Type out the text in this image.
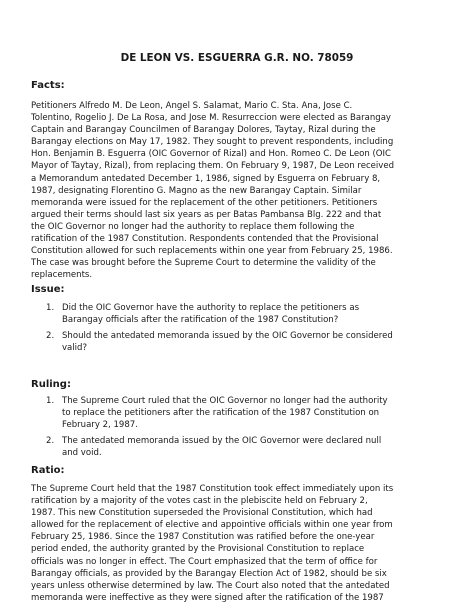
DE LEON VS. ESGUERRA G.R. NO. 78059
Facts:

Petitioners Alfredo M. De Leon, Angel S. Salamat, Mario C. Sta. Ana, Jose C.
Tolentino, Rogelio J. De La Rosa, and Jose M. Resurreccion were elected as Barangay
Captain and Barangay Councilmen of Barangay Dolores, Taytay, Rizal during the
Barangay elections on May 17, 1982. They sought to prevent respondents, including
Hon. Benjamin B. Esguerra (OIC Governor of Rizal) and Hon. Romeo C. De Leon (OIC
Mayor of Taytay, Rizal), from replacing them. On February 9, 1987, De Leon received
a Memorandum antedated December 1, 1986, signed by Esguerra on February 8,
1987, designating Florentino G. Magno as the new Barangay Captain. Similar
memoranda were issued for the replacement of the other petitioners. Petitioners
argued their terms should last six years as per Batas Pambansa Blg. 222 and that
the OIC Governor no longer had the authority to replace them following the
ratification of the 1987 Constitution. Respondents contended that the Provisional
Constitution allowed for such replacements within one year from February 25, 1986.
The case was brought before the Supreme Court to determine the validity of the
replacements.

Issue:
1. Did the OIC Governor have the authority to replace the petitioners as
Barangay officials after the ratification of the 1987 Constitution?
2. Should the antedated memoranda issued by the OIC Governor be considered
valid?
Ruling:
1. The Supreme Court ruled that the OIC Governor no longer had the authority
to replace the petitioners after the ratification of the 1987 Constitution on
February 2, 1987.
2. The antedated memoranda issued by the OIC Governor were declared null
and void.
Ratio:

The Supreme Court held that the 1987 Constitution took effect immediately upon its
ratification by a majority of the votes cast in the plebiscite held on February 2,
1987. This new Constitution superseded the Provisional Constitution, which had
allowed for the replacement of elective and appointive officials within one year from
February 25, 1986. Since the 1987 Constitution was ratified before the one-year
period ended, the authority granted by the Provisional Constitution to replace
officials was no longer in effect. The Court emphasized that the term of office for
Barangay officials, as provided by the Barangay Election Act of 1982, should be six
years unless otherwise determined by law. The Court also noted that the antedated
memoranda were ineffective as they were signed after the ratification of the 1987
